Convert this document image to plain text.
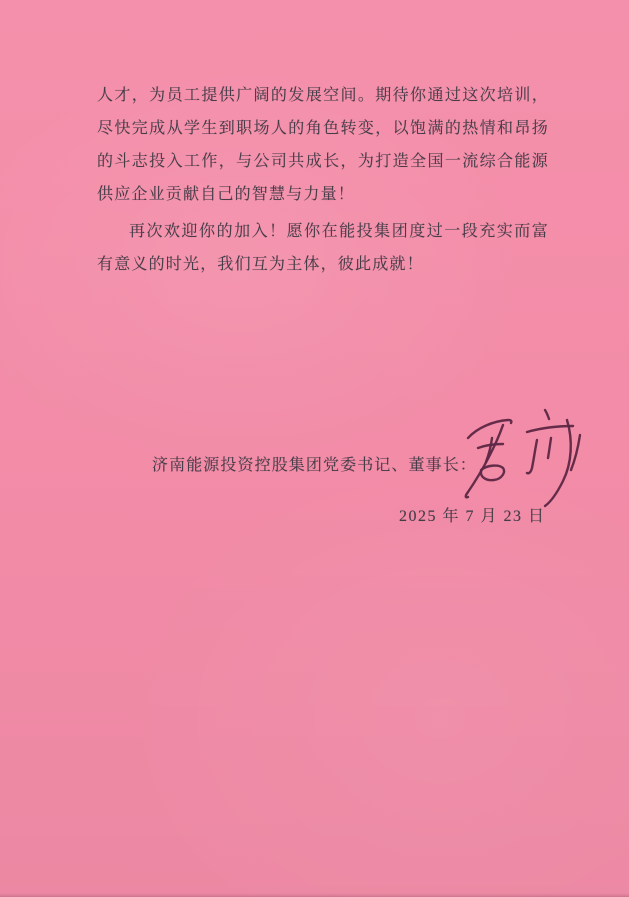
人才，为员工提供广阔的发展空间。期待你通过这次培训，尽快完成从学生到职场人的角色转变，以饱满的热情和昂扬的斗志投入工作，与公司共成长，为打造全国一流综合能源供应企业贡献自己的智慧与力量！

再次欢迎你的加入！愿你在能投集团度过一段充实而富有意义的时光，我们互为主体，彼此成就！

济南能源投资控股集团党委书记、董事长：
2025 年 7 月 23 日
